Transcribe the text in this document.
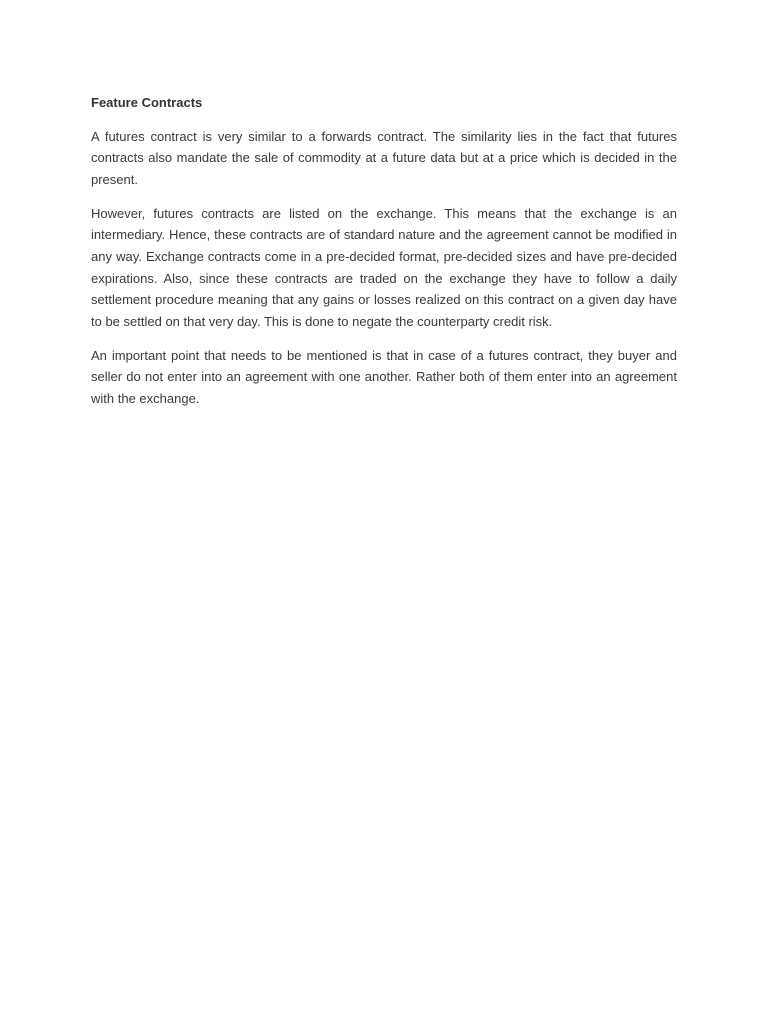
Feature Contracts

A futures contract is very similar to a forwards contract. The similarity lies in the fact that futures contracts also mandate the sale of commodity at a future data but at a price which is decided in the present.

However, futures contracts are listed on the exchange. This means that the exchange is an intermediary. Hence, these contracts are of standard nature and the agreement cannot be modified in any way. Exchange contracts come in a pre-decided format, pre-decided sizes and have pre-decided expirations. Also, since these contracts are traded on the exchange they have to follow a daily settlement procedure meaning that any gains or losses realized on this contract on a given day have to be settled on that very day. This is done to negate the counterparty credit risk.

An important point that needs to be mentioned is that in case of a futures contract, they buyer and seller do not enter into an agreement with one another. Rather both of them enter into an agreement with the exchange.
